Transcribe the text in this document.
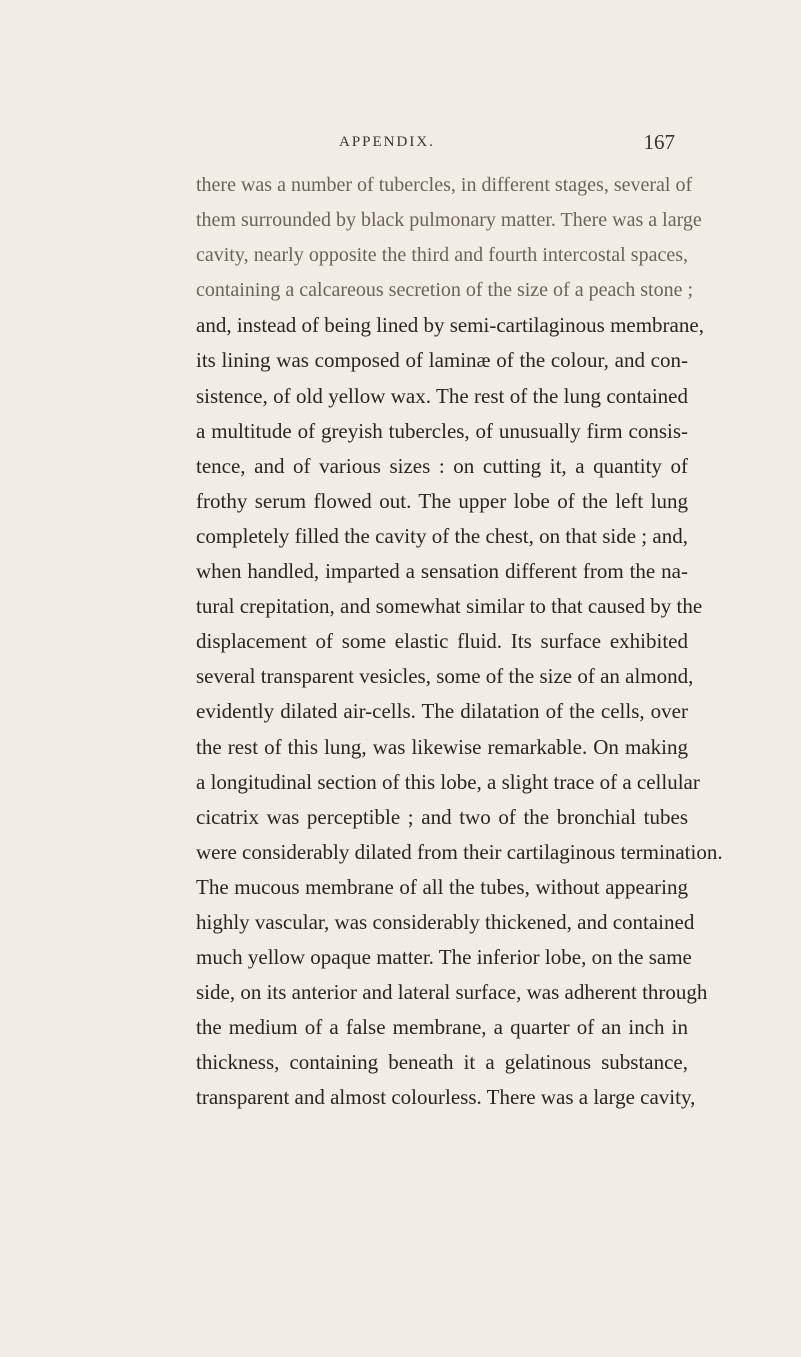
APPENDIX.	167
there was a number of tubercles, in different stages, several of
them surrounded by black pulmonary matter. There was a large
cavity, nearly opposite the third and fourth intercostal spaces,
containing a calcareous secretion of the size of a peach stone ;
and, instead of being lined by semi-cartilaginous membrane,
its lining was composed of laminæ of the colour, and con-
sistence, of old yellow wax. The rest of the lung contained
a multitude of greyish tubercles, of unusually firm consis-
tence, and of various sizes : on cutting it, a quantity of
frothy serum flowed out. The upper lobe of the left lung
completely filled the cavity of the chest, on that side ; and,
when handled, imparted a sensation different from the na-
tural crepitation, and somewhat similar to that caused by the
displacement of some elastic fluid. Its surface exhibited
several transparent vesicles, some of the size of an almond,
evidently dilated air-cells. The dilatation of the cells, over
the rest of this lung, was likewise remarkable. On making
a longitudinal section of this lobe, a slight trace of a cellular
cicatrix was perceptible ; and two of the bronchial tubes
were considerably dilated from their cartilaginous termination.
The mucous membrane of all the tubes, without appearing
highly vascular, was considerably thickened, and contained
much yellow opaque matter. The inferior lobe, on the same
side, on its anterior and lateral surface, was adherent through
the medium of a false membrane, a quarter of an inch in
thickness, containing beneath it a gelatinous substance,
transparent and almost colourless. There was a large cavity,
